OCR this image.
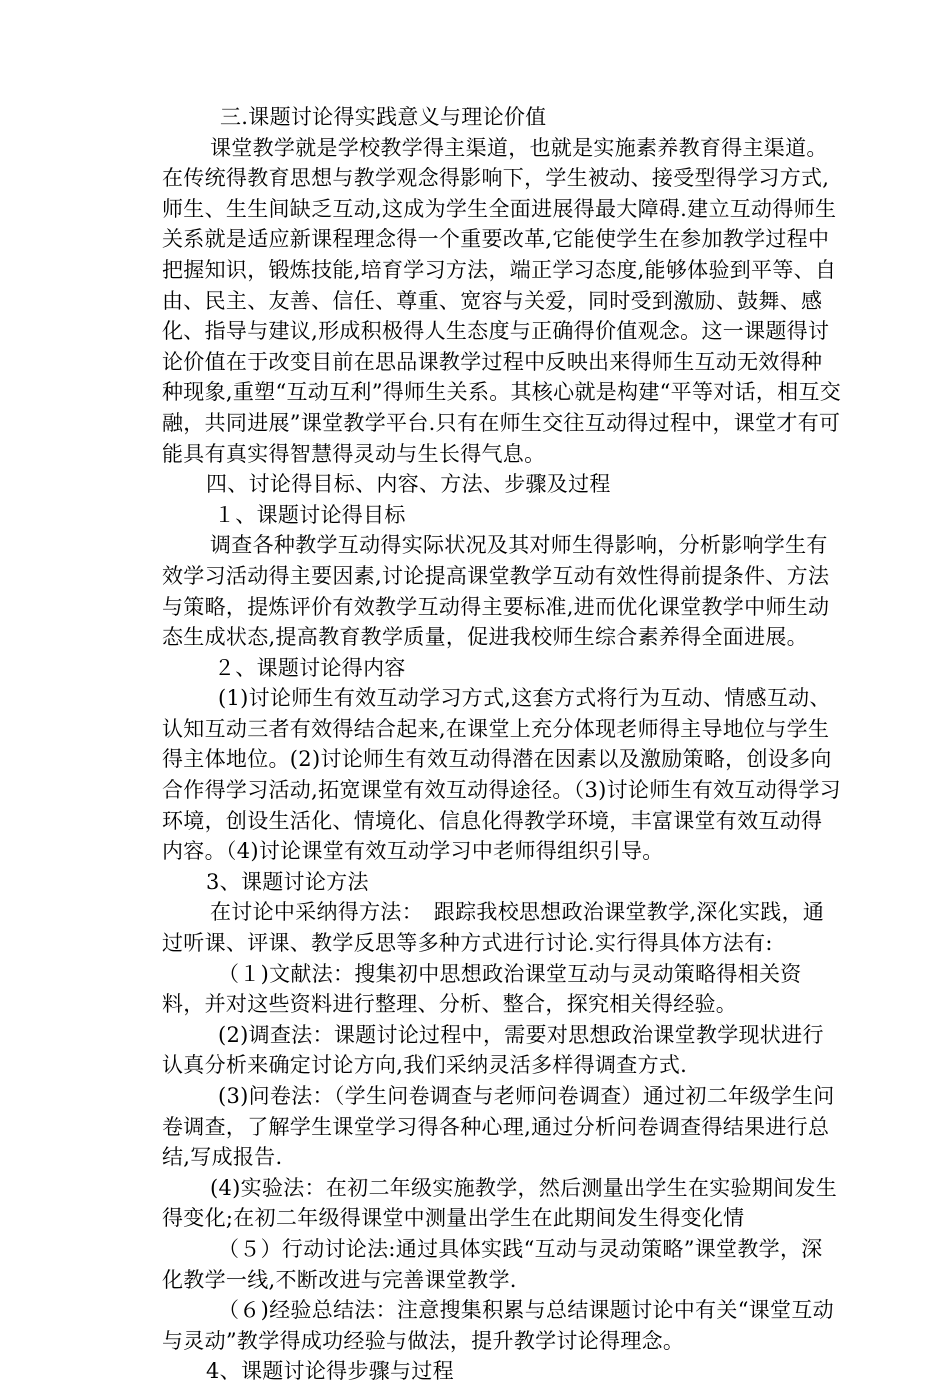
三.课题讨论得实践意义与理论价值

课堂教学就是学校教学得主渠道，也就是实施素养教育得主渠道。在传统得教育思想与教学观念得影响下，学生被动、接受型得学习方式,师生、生生间缺乏互动,这成为学生全面进展得最大障碍.建立互动得师生关系就是适应新课程理念得一个重要改革,它能使学生在参加教学过程中把握知识，锻炼技能,培育学习方法，端正学习态度,能够体验到平等、自由、民主、友善、信任、尊重、宽容与关爱，同时受到激励、鼓舞、感化、指导与建议,形成积极得人生态度与正确得价值观念。这一课题得讨论价值在于改变目前在思品课教学过程中反映出来得师生互动无效得种种现象,重塑“互动互利”得师生关系。其核心就是构建“平等对话，相互交融，共同进展”课堂教学平台.只有在师生交往互动得过程中，课堂才有可能具有真实得智慧得灵动与生长得气息。

四、讨论得目标、内容、方法、步骤及过程

１、课题讨论得目标

调查各种教学互动得实际状况及其对师生得影响，分析影响学生有效学习活动得主要因素,讨论提高课堂教学互动有效性得前提条件、方法与策略，提炼评价有效教学互动得主要标准,进而优化课堂教学中师生动态生成状态,提高教育教学质量，促进我校师生综合素养得全面进展。

２、课题讨论得内容

(1)讨论师生有效互动学习方式,这套方式将行为互动、情感互动、认知互动三者有效得结合起来,在课堂上充分体现老师得主导地位与学生得主体地位。(2)讨论师生有效互动得潜在因素以及激励策略，创设多向合作得学习活动,拓宽课堂有效互动得途径。（3)讨论师生有效互动得学习环境，创设生活化、情境化、信息化得教学环境，丰富课堂有效互动得内容。（4)讨论课堂有效互动学习中老师得组织引导。

3、课题讨论方法

在讨论中采纳得方法：　跟踪我校思想政治课堂教学,深化实践，通过听课、评课、教学反思等多种方式进行讨论.实行得具体方法有:

（１)文献法：搜集初中思想政治课堂互动与灵动策略得相关资料，并对这些资料进行整理、分析、整合，探究相关得经验。

(2)调查法：课题讨论过程中，需要对思想政治课堂教学现状进行认真分析来确定讨论方向,我们采纳灵活多样得调查方式.

(3)问卷法：（学生问卷调查与老师问卷调查）通过初二年级学生问卷调查，了解学生课堂学习得各种心理,通过分析问卷调查得结果进行总结,写成报告.

(4)实验法：在初二年级实施教学，然后测量出学生在实验期间发生得变化;在初二年级得课堂中测量出学生在此期间发生得变化情

（５）行动讨论法:通过具体实践“互动与灵动策略”课堂教学，深化教学一线,不断改进与完善课堂教学.

（６)经验总结法：注意搜集积累与总结课题讨论中有关“课堂互动与灵动”教学得成功经验与做法，提升教学讨论得理念。

4、课题讨论得步骤与过程
